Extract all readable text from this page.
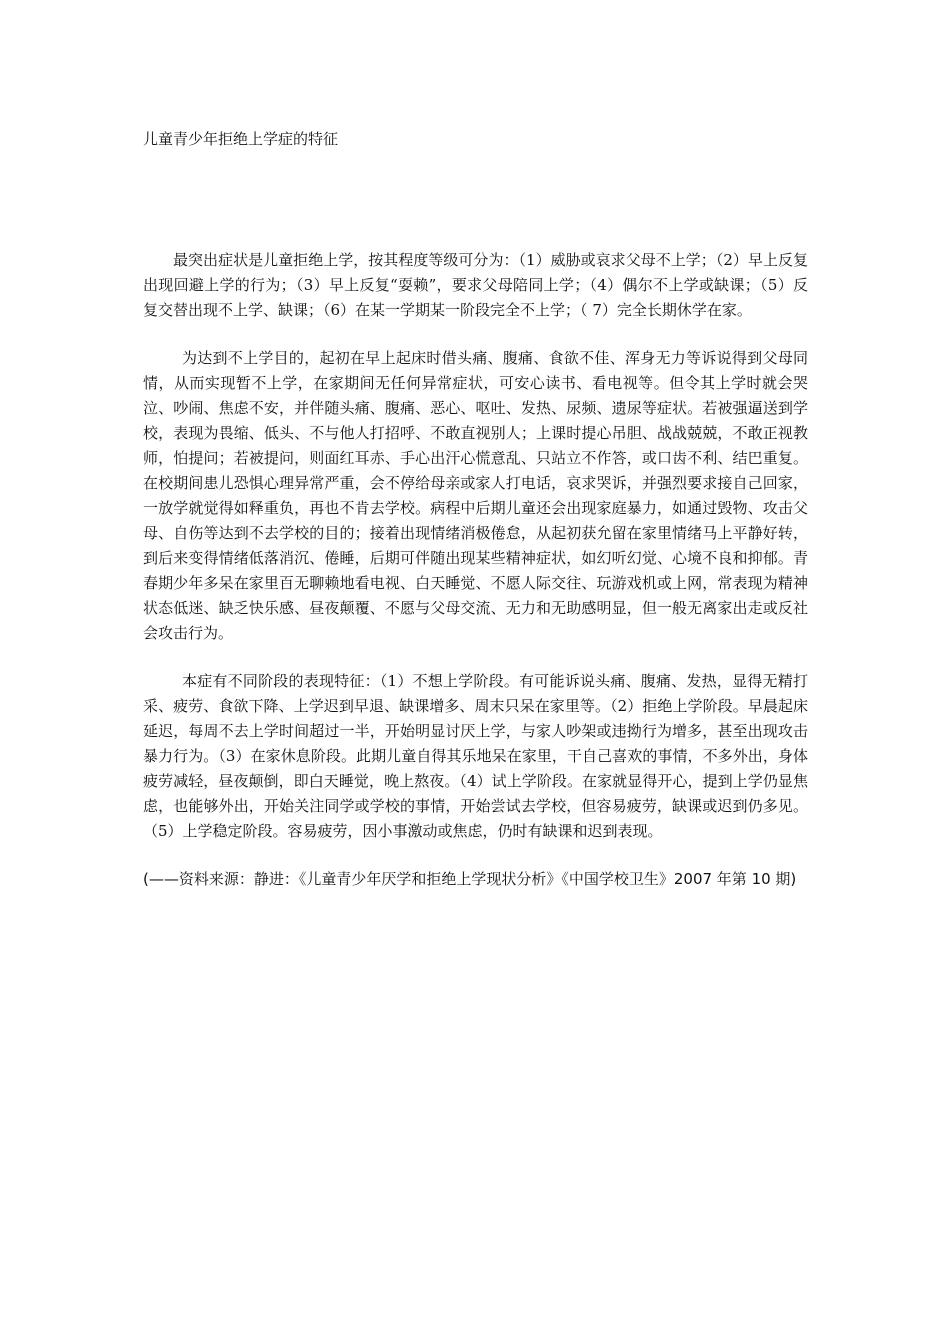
儿童青少年拒绝上学症的特征

最突出症状是儿童拒绝上学，按其程度等级可分为：（1）威胁或哀求父母不上学；（2）早上反复出现回避上学的行为；（3）早上反复“耍赖”，要求父母陪同上学；（4）偶尔不上学或缺课；（5）反复交替出现不上学、缺课；（6）在某一学期某一阶段完全不上学；（ 7）完全长期休学在家。

为达到不上学目的，起初在早上起床时借头痛、腹痛、食欲不佳、浑身无力等诉说得到父母同情，从而实现暂不上学，在家期间无任何异常症状，可安心读书、看电视等。但令其上学时就会哭泣、吵闹、焦虑不安，并伴随头痛、腹痛、恶心、呕吐、发热、尿频、遗尿等症状。若被强逼送到学校，表现为畏缩、低头、不与他人打招呼、不敢直视别人；上课时提心吊胆、战战兢兢，不敢正视教师，怕提问；若被提问，则面红耳赤、手心出汗心慌意乱、只站立不作答，或口齿不利、结巴重复。在校期间患儿恐惧心理异常严重，会不停给母亲或家人打电话，哀求哭诉，并强烈要求接自己回家，一放学就觉得如释重负，再也不肯去学校。病程中后期儿童还会出现家庭暴力，如通过毁物、攻击父母、自伤等达到不去学校的目的；接着出现情绪消极倦怠，从起初获允留在家里情绪马上平静好转，到后来变得情绪低落消沉、倦睡，后期可伴随出现某些精神症状，如幻听幻觉、心境不良和抑郁。青春期少年多呆在家里百无聊赖地看电视、白天睡觉、不愿人际交往、玩游戏机或上网，常表现为精神状态低迷、缺乏快乐感、昼夜颠覆、不愿与父母交流、无力和无助感明显，但一般无离家出走或反社会攻击行为。

本症有不同阶段的表现特征：（1）不想上学阶段。有可能诉说头痛、腹痛、发热，显得无精打采、疲劳、食欲下降、上学迟到早退、缺课增多、周末只呆在家里等。（2）拒绝上学阶段。早晨起床延迟，每周不去上学时间超过一半，开始明显讨厌上学，与家人吵架或违拗行为增多，甚至出现攻击暴力行为。（3）在家休息阶段。此期儿童自得其乐地呆在家里，干自己喜欢的事情，不多外出，身体疲劳减轻，昼夜颠倒，即白天睡觉，晚上熬夜。（4）试上学阶段。在家就显得开心，提到上学仍显焦虑，也能够外出，开始关注同学或学校的事情，开始尝试去学校，但容易疲劳，缺课或迟到仍多见。（5）上学稳定阶段。容易疲劳，因小事激动或焦虑，仍时有缺课和迟到表现。

(——资料来源：静进：《儿童青少年厌学和拒绝上学现状分析》《中国学校卫生》2007 年第 10 期)
